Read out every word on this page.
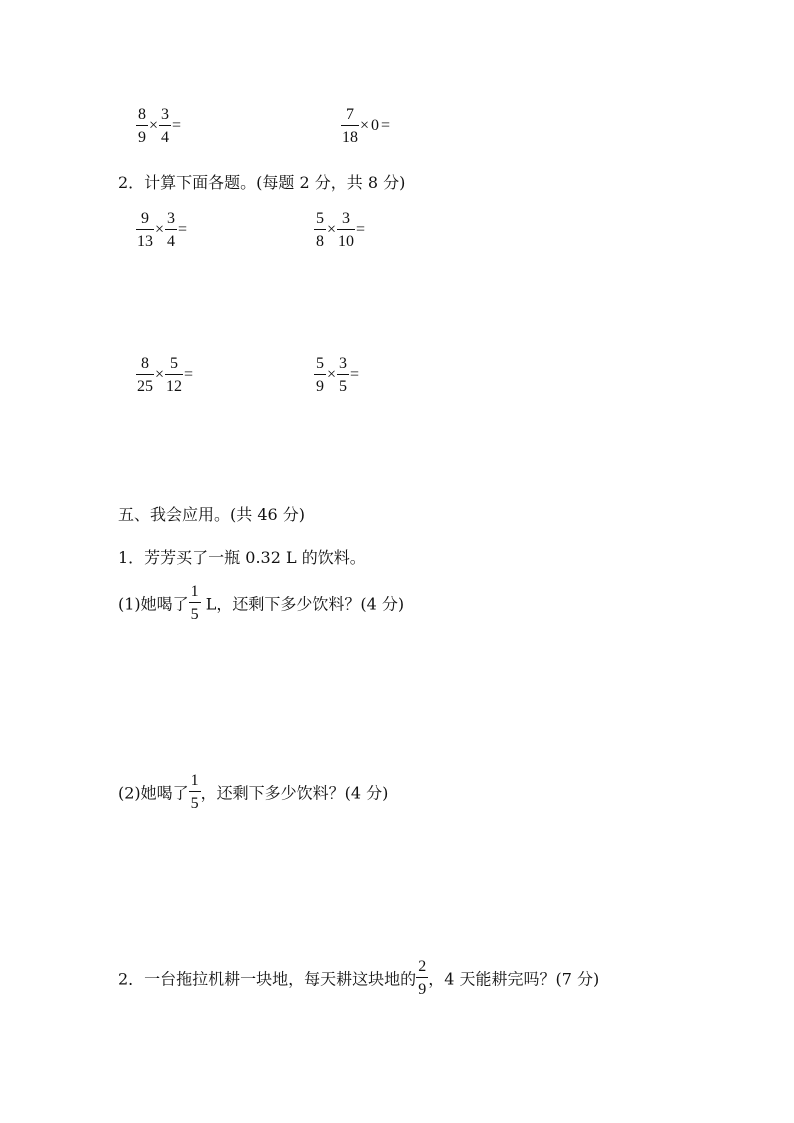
$\frac{8}{9} \times \frac{3}{4}$ =	$\frac{7}{18} \times 0$ =
2．计算下面各题。(每题 2 分，共 8 分)
$\frac{9}{13} \times \frac{3}{4}$ =	$\frac{5}{8} \times \frac{3}{10}$ =
$\frac{8}{25} \times \frac{5}{12}$ =	$\frac{5}{9} \times \frac{3}{5}$ =
五、我会应用。(共 46 分)
1．芳芳买了一瓶 0.32 L 的饮料。
(1)她喝了 $\frac{1}{5}$ L，还剩下多少饮料？(4 分)
(2)她喝了 $\frac{1}{5}$ ，还剩下多少饮料？(4 分)
2．一台拖拉机耕一块地，每天耕这块地的 $\frac{2}{9}$ ，4 天能耕完吗？(7 分)
